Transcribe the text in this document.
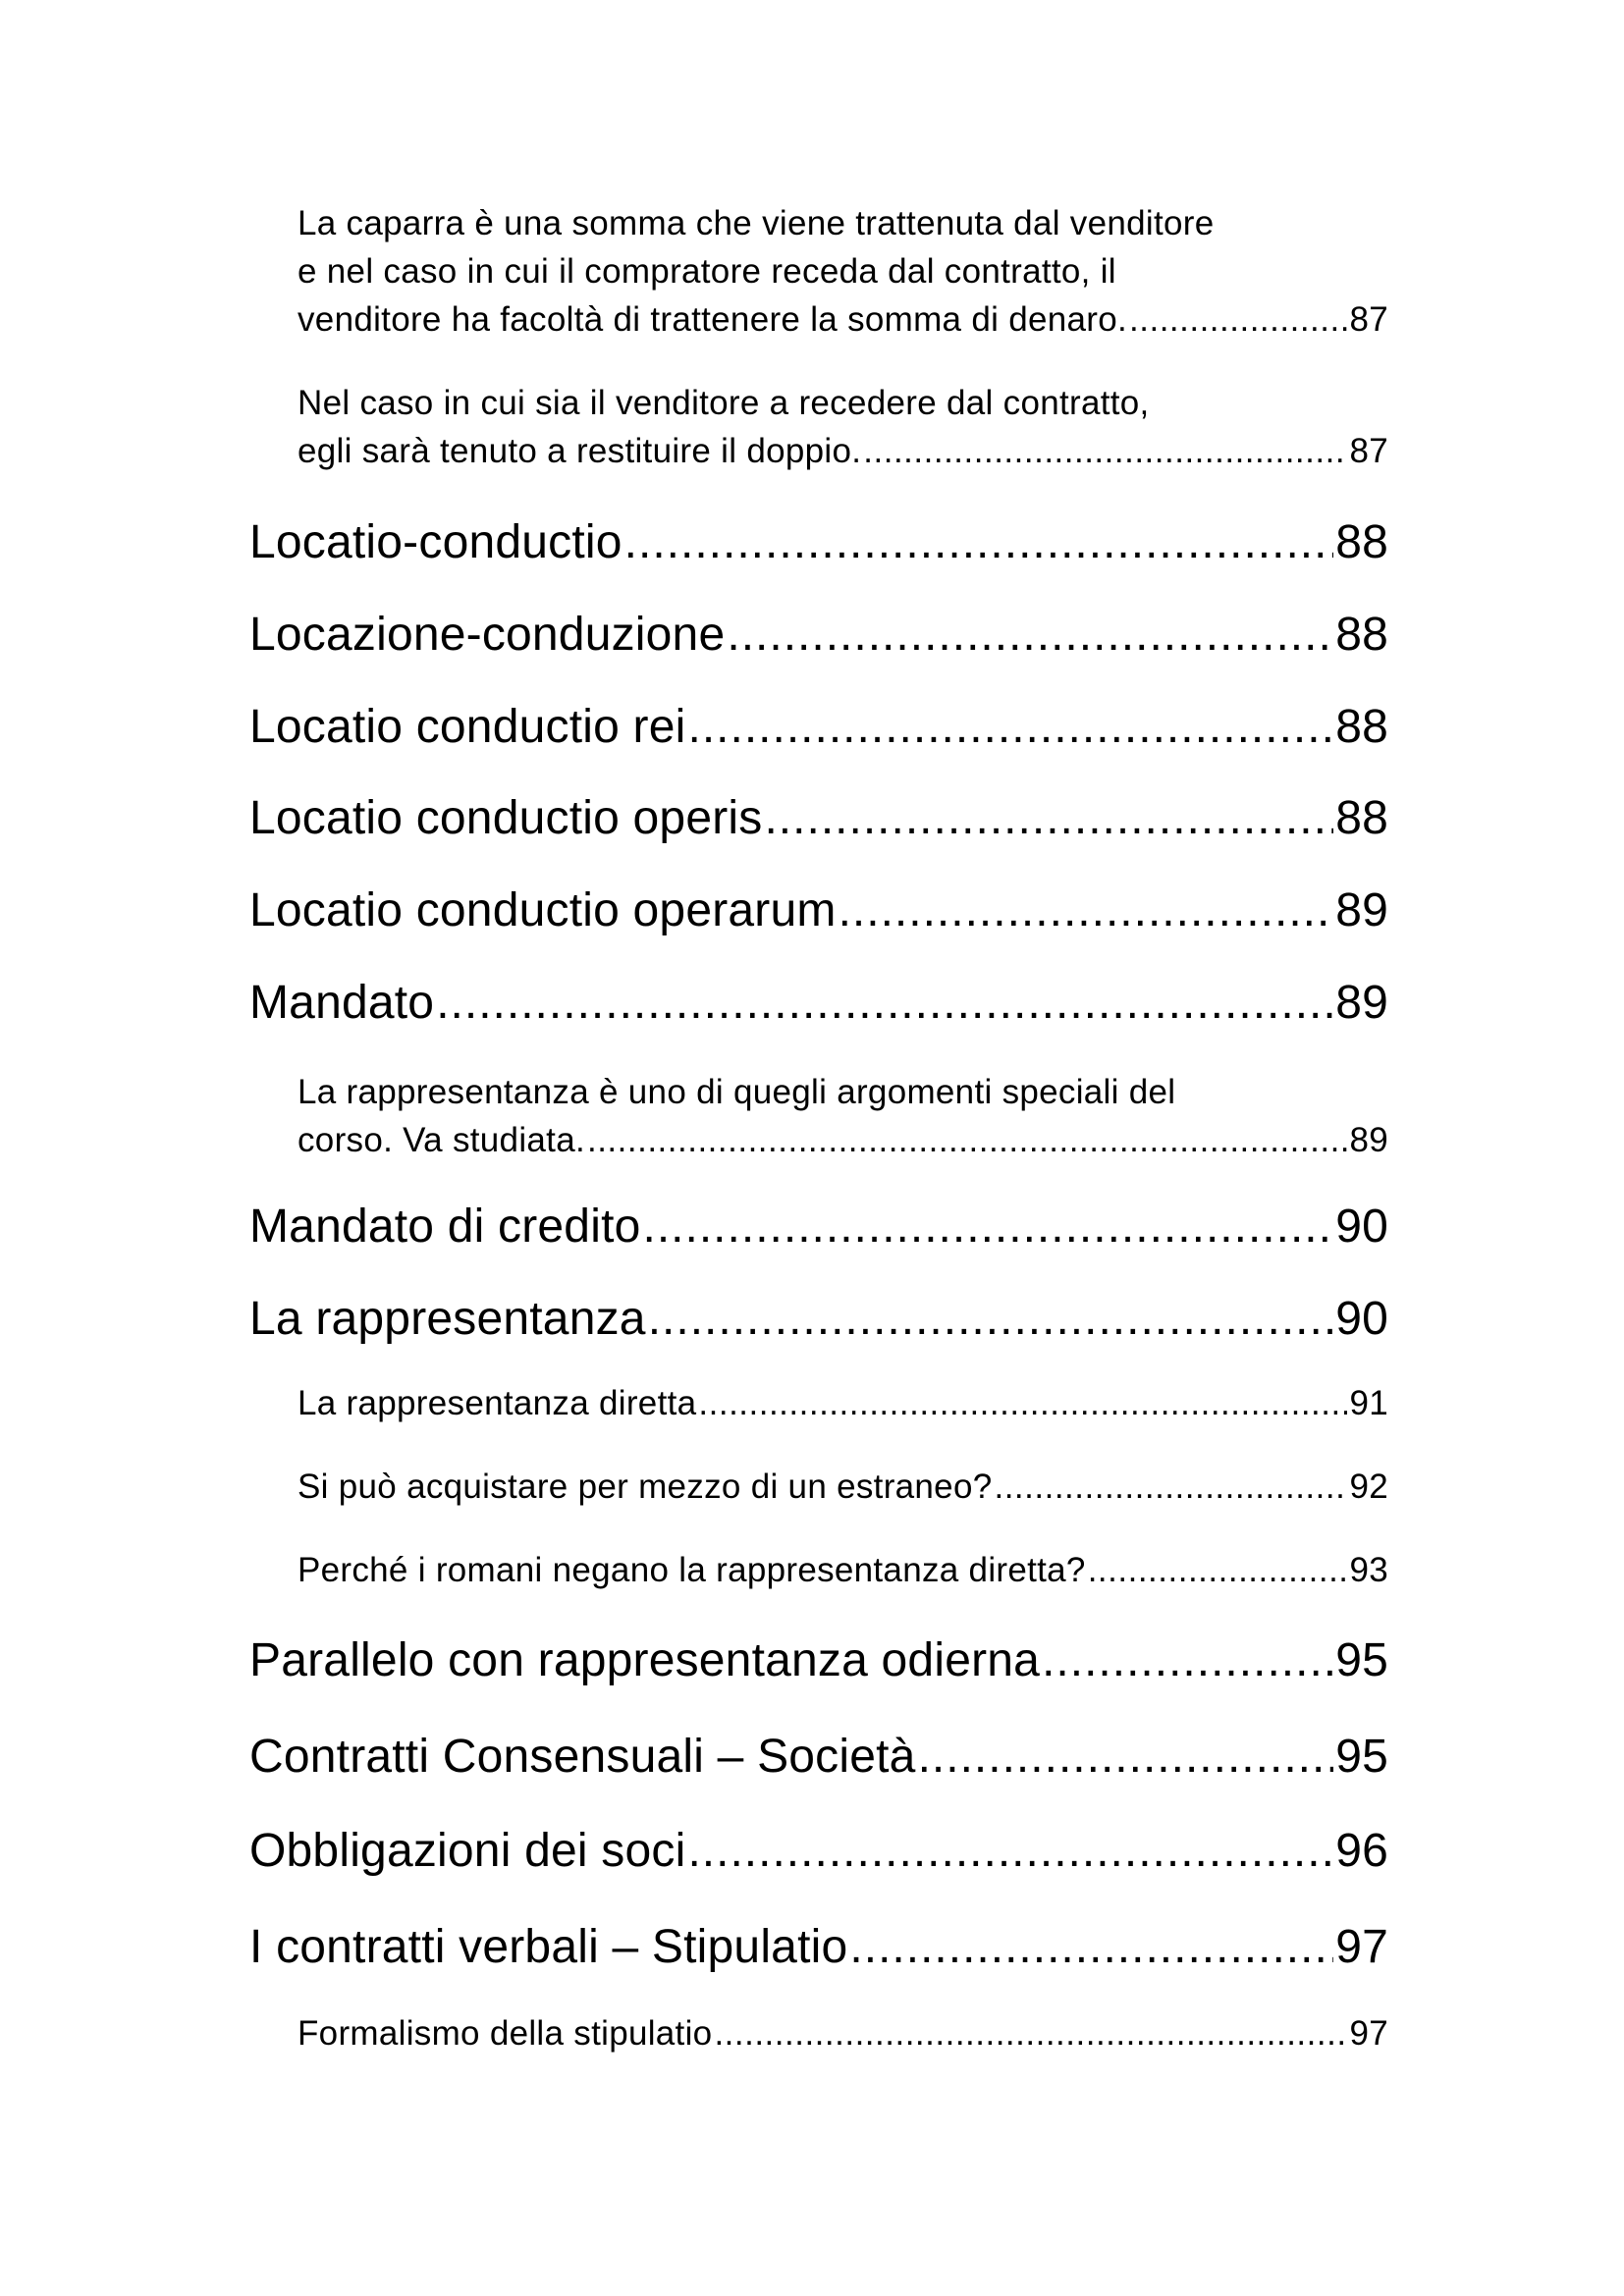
La caparra è una somma che viene trattenuta dal venditore
e nel caso in cui il compratore receda dal contratto, il
venditore ha facoltà di trattenere la somma di denaro. .....	87
Nel caso in cui sia il venditore a recedere dal contratto,
egli sarà tenuto a restituire il doppio. .....	87
Locatio-conductio .....	88
Locazione-conduzione .....	88
Locatio conductio rei .....	88
Locatio conductio operis .....	88
Locatio conductio operarum .....	89
Mandato .....	89
La rappresentanza è uno di quegli argomenti speciali del
corso. Va studiata. .....	89
Mandato di credito .....	90
La rappresentanza .....	90
La rappresentanza diretta .....	91
Si può acquistare per mezzo di un estraneo? .....	92
Perché i romani negano la rappresentanza diretta? .....	93
Parallelo con rappresentanza odierna .....	95
Contratti Consensuali – Società .....	95
Obbligazioni dei soci .....	96
I contratti verbali – Stipulatio .....	97
Formalismo della stipulatio .....	97
